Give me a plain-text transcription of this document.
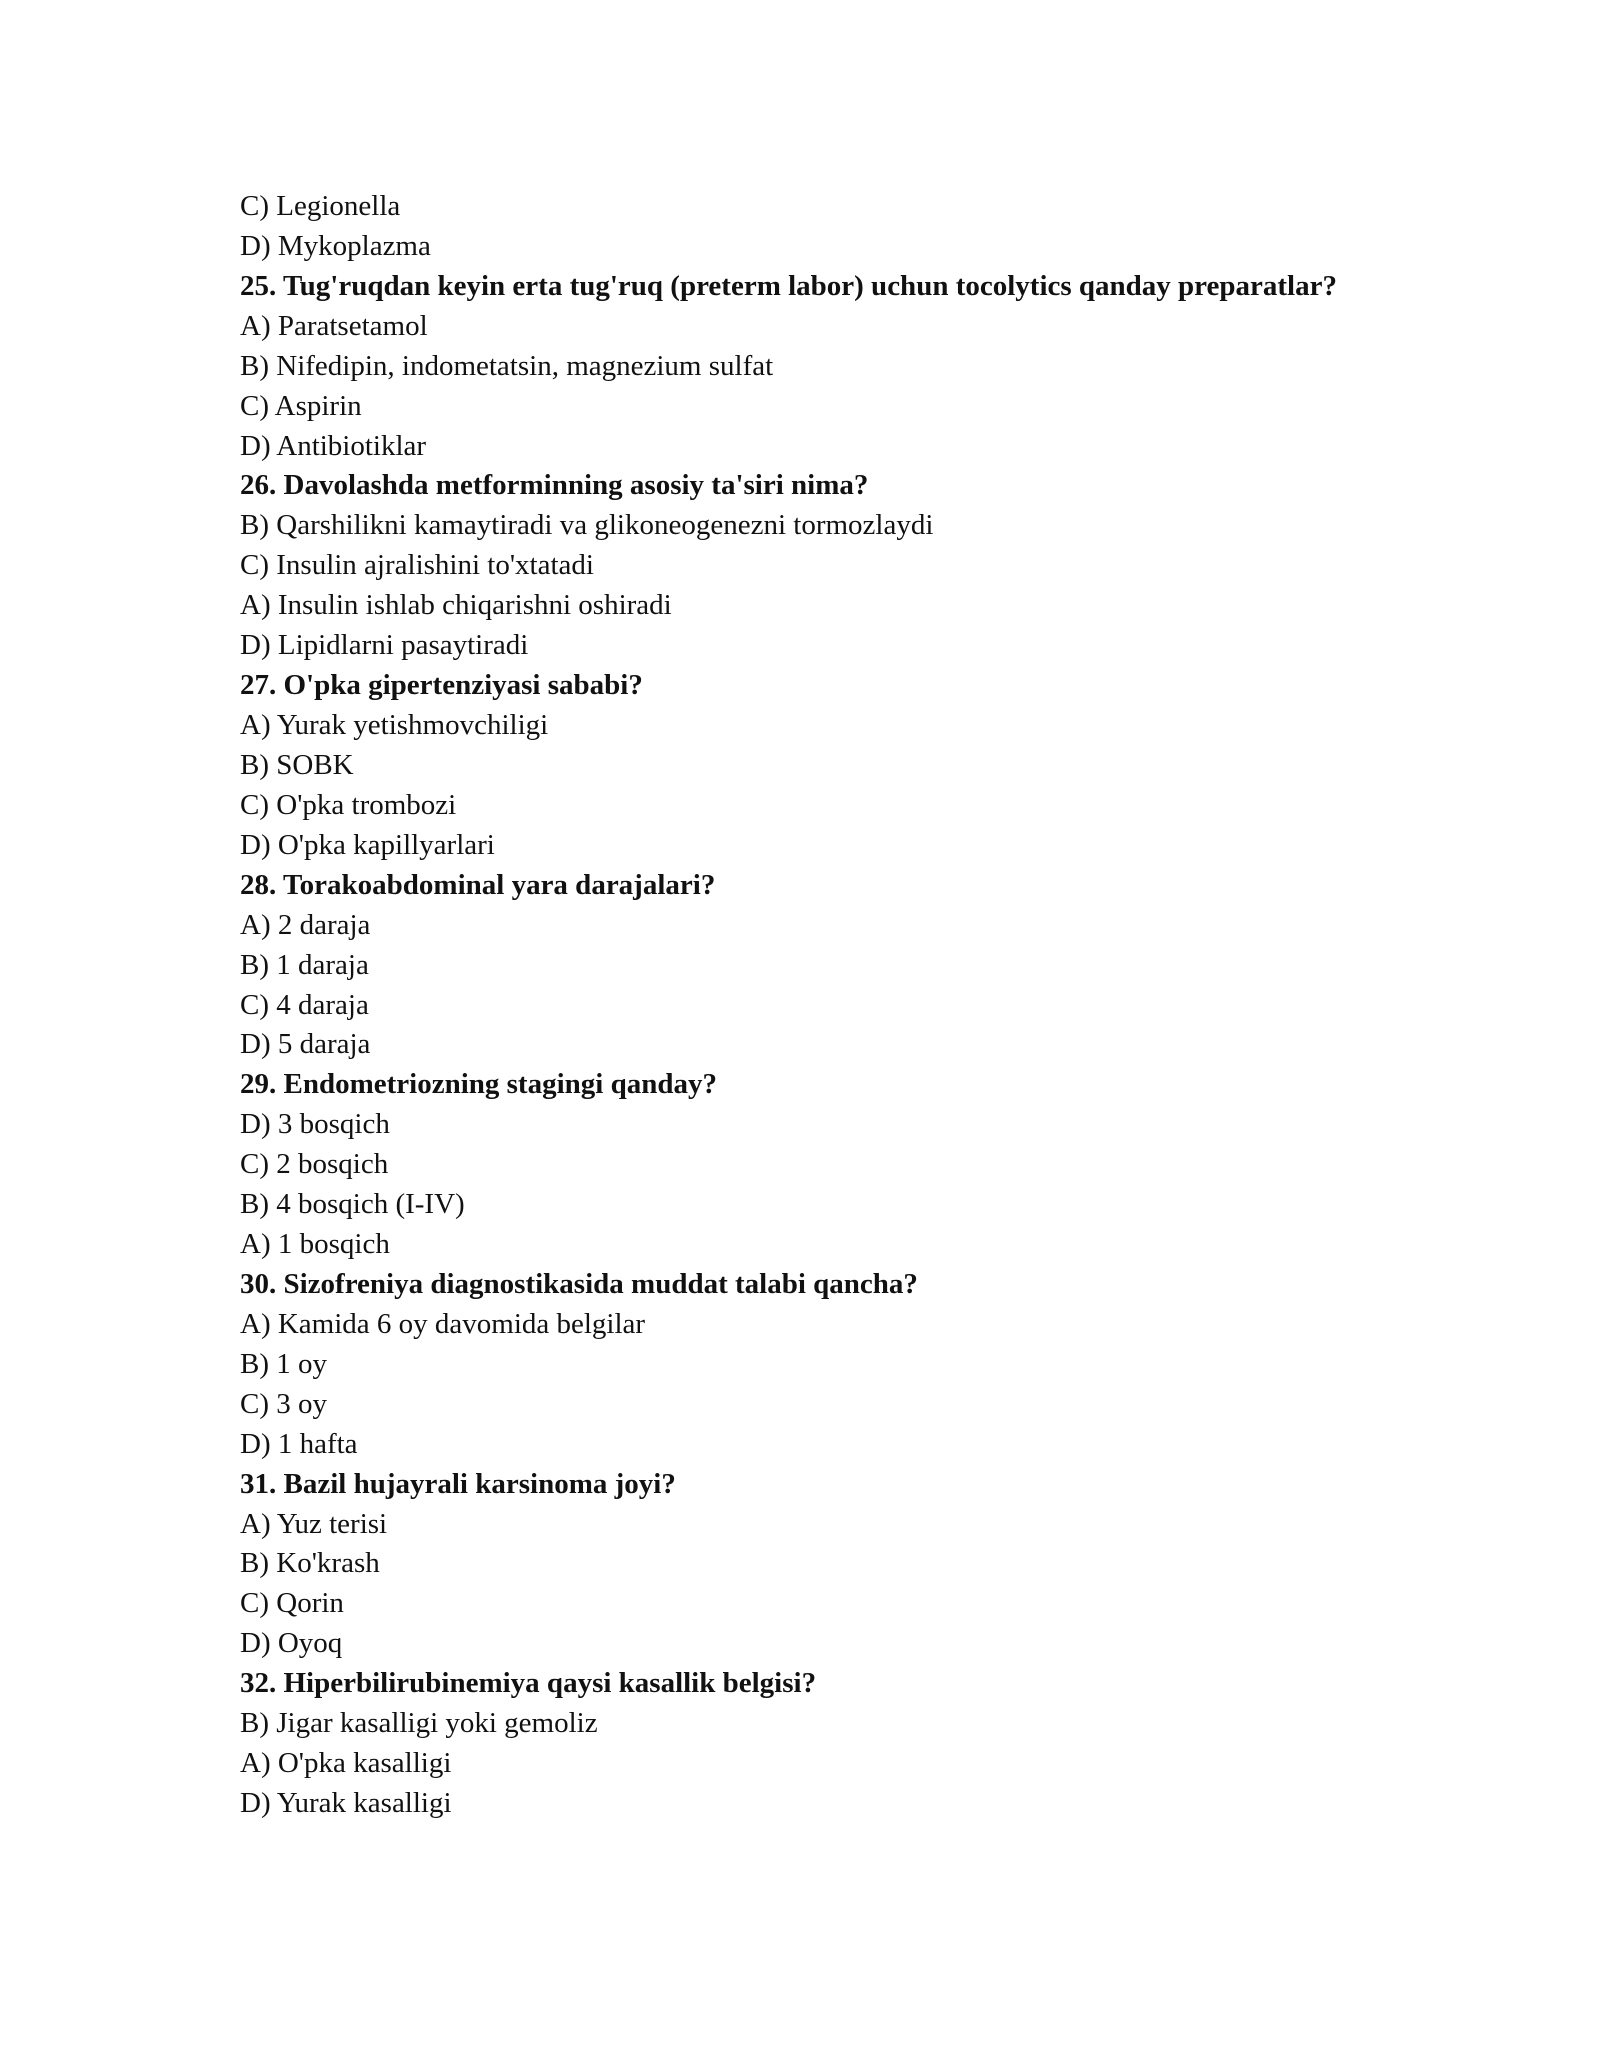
C) Legionella

D) Mykoplazma

25. Tug'ruqdan keyin erta tug'ruq (preterm labor) uchun tocolytics qanday preparatlar?

A) Paratsetamol

B) Nifedipin, indometatsin, magnezium sulfat

C) Aspirin

D) Antibiotiklar

26. Davolashda metforminning asosiy ta'siri nima?

B) Qarshilikni kamaytiradi va glikoneogenezni tormozlaydi

C) Insulin ajralishini to'xtatadi

A) Insulin ishlab chiqarishni oshiradi

D) Lipidlarni pasaytiradi

27. O'pka gipertenziyasi sababi?

A) Yurak yetishmovchiligi

B) SOBK

C) O'pka trombozi

D) O'pka kapillyarlari

28. Torakoabdominal yara darajalari?

A) 2 daraja

B) 1 daraja

C) 4 daraja

D) 5 daraja

29. Endometriozning stagingi qanday?

D) 3 bosqich

C) 2 bosqich

B) 4 bosqich (I-IV)

A) 1 bosqich

30. Sizofreniya diagnostikasida muddat talabi qancha?

A) Kamida 6 oy davomida belgilar

B) 1 oy

C) 3 oy

D) 1 hafta

31. Bazil hujayrali karsinoma joyi?

A) Yuz terisi

B) Ko'krash

C) Qorin

D) Oyoq

32. Hiperbilirubinemiya qaysi kasallik belgisi?

B) Jigar kasalligi yoki gemoliz

A) O'pka kasalligi

D) Yurak kasalligi
